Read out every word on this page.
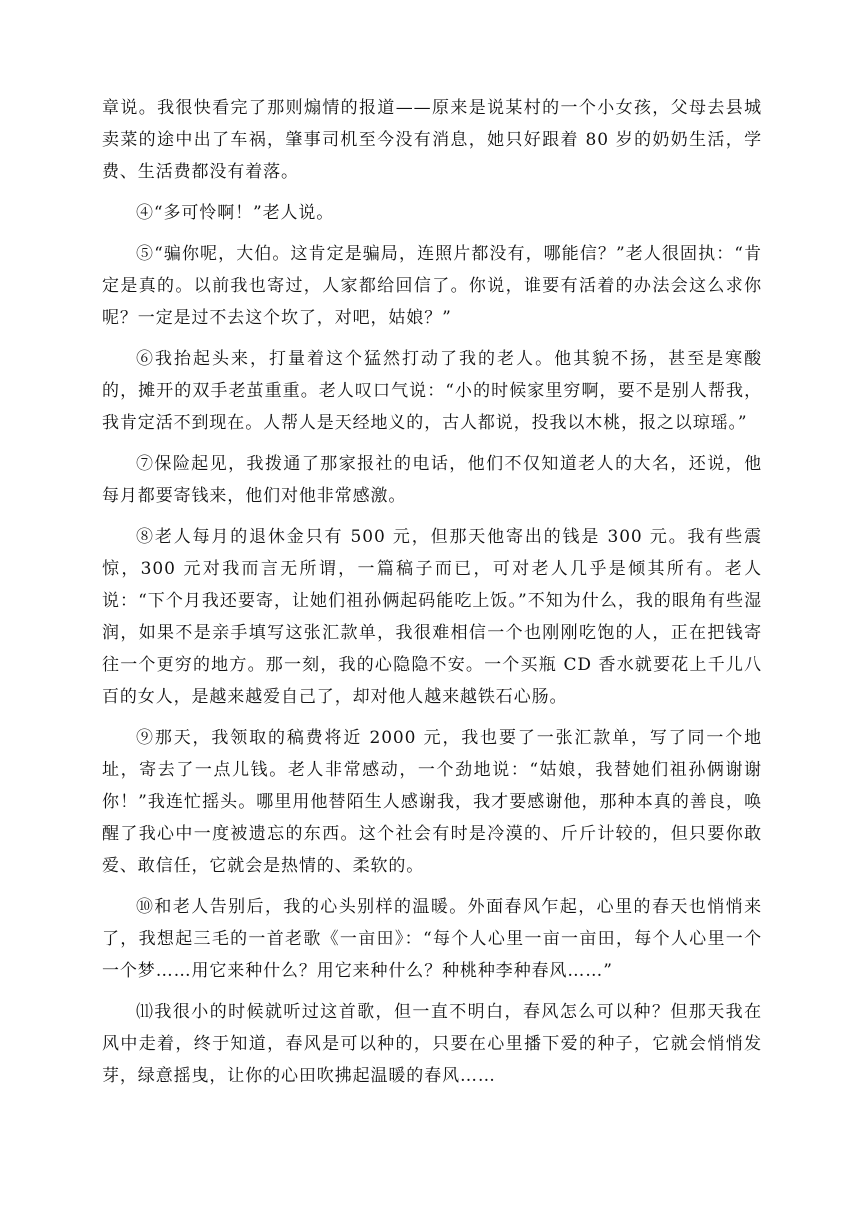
章说。我很快看完了那则煽情的报道——原来是说某村的一个小女孩，父母去县城卖菜的途中出了车祸，肇事司机至今没有消息，她只好跟着 80 岁的奶奶生活，学费、生活费都没有着落。

④“多可怜啊！”老人说。

⑤“骗你呢，大伯。这肯定是骗局，连照片都没有，哪能信？”老人很固执：“肯定是真的。以前我也寄过，人家都给回信了。你说，谁要有活着的办法会这么求你呢？一定是过不去这个坎了，对吧，姑娘？”

⑥我抬起头来，打量着这个猛然打动了我的老人。他其貌不扬，甚至是寒酸的，摊开的双手老茧重重。老人叹口气说：“小的时候家里穷啊，要不是别人帮我，我肯定活不到现在。人帮人是天经地义的，古人都说，投我以木桃，报之以琼瑶。”

⑦保险起见，我拨通了那家报社的电话，他们不仅知道老人的大名，还说，他每月都要寄钱来，他们对他非常感激。

⑧老人每月的退休金只有 500 元，但那天他寄出的钱是 300 元。我有些震惊，300 元对我而言无所谓，一篇稿子而已，可对老人几乎是倾其所有。老人说：“下个月我还要寄，让她们祖孙俩起码能吃上饭。”不知为什么，我的眼角有些湿润，如果不是亲手填写这张汇款单，我很难相信一个也刚刚吃饱的人，正在把钱寄往一个更穷的地方。那一刻，我的心隐隐不安。一个买瓶 CD 香水就要花上千儿八百的女人，是越来越爱自己了，却对他人越来越铁石心肠。

⑨那天，我领取的稿费将近 2000 元，我也要了一张汇款单，写了同一个地址，寄去了一点儿钱。老人非常感动，一个劲地说：“姑娘，我替她们祖孙俩谢谢你！”我连忙摇头。哪里用他替陌生人感谢我，我才要感谢他，那种本真的善良，唤醒了我心中一度被遗忘的东西。这个社会有时是冷漠的、斤斤计较的，但只要你敢爱、敢信任，它就会是热情的、柔软的。

⑩和老人告别后，我的心头别样的温暖。外面春风乍起，心里的春天也悄悄来了，我想起三毛的一首老歌《一亩田》：“每个人心里一亩一亩田，每个人心里一个一个梦……用它来种什么？用它来种什么？种桃种李种春风……”

⑾我很小的时候就听过这首歌，但一直不明白，春风怎么可以种？但那天我在风中走着，终于知道，春风是可以种的，只要在心里播下爱的种子，它就会悄悄发芽，绿意摇曳，让你的心田吹拂起温暖的春风……
